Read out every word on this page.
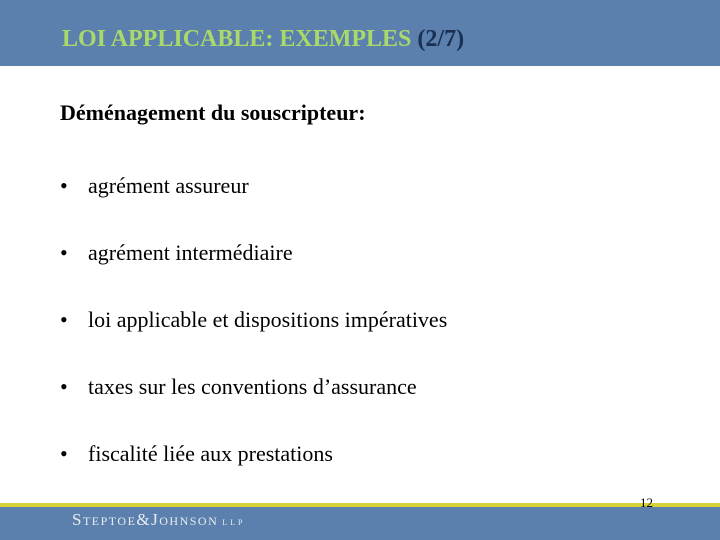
LOI APPLICABLE: EXEMPLES (2/7)
Déménagement du souscripteur:
• agrément assureur
• agrément intermédiaire
• loi applicable et dispositions impératives
• taxes sur les conventions d’assurance
• fiscalité liée aux prestations
Steptoe&Johnson LLP
12
